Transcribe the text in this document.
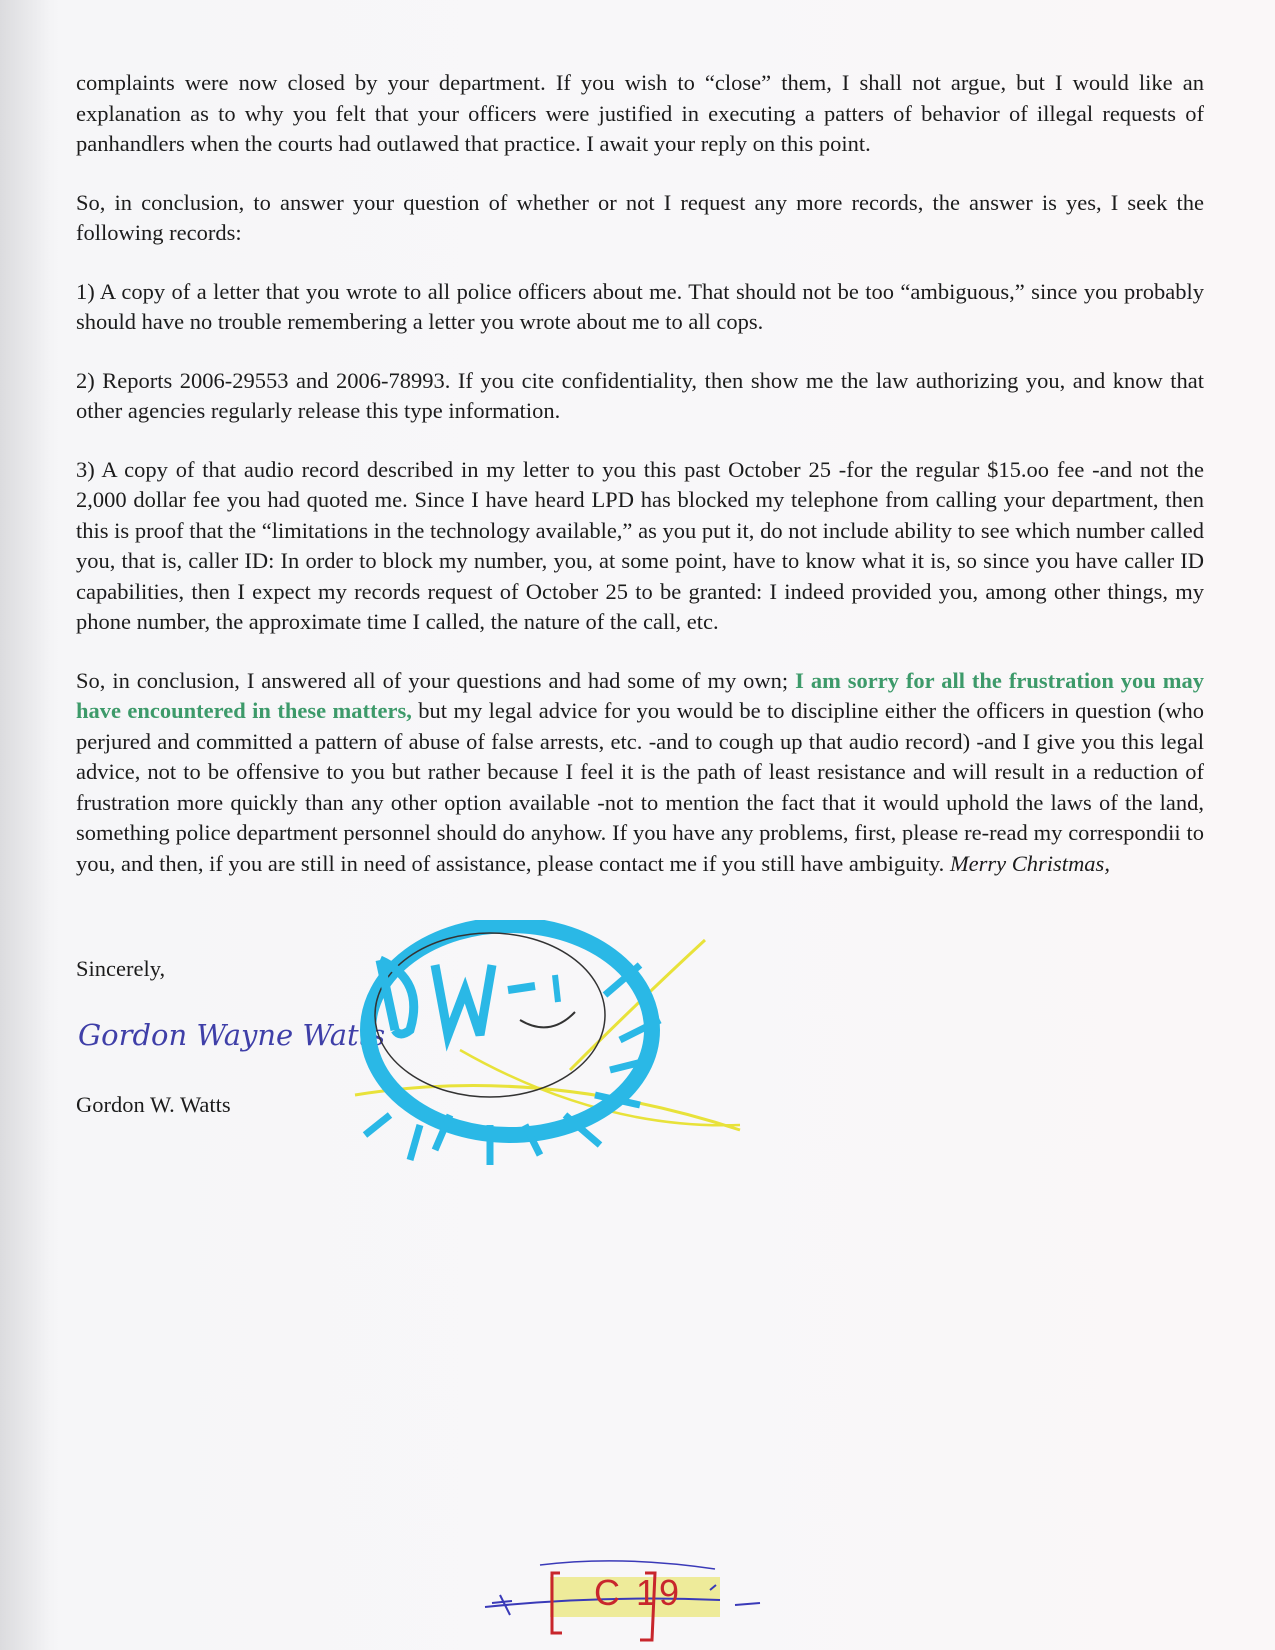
complaints were now closed by your department. If you wish to “close” them, I shall not argue, but I would like an explanation as to why you felt that your officers were justified in executing a patters of behavior of illegal requests of panhandlers when the courts had outlawed that practice. I await your reply on this point.

So, in conclusion, to answer your question of whether or not I request any more records, the answer is yes, I seek the following records:

1) A copy of a letter that you wrote to all police officers about me. That should not be too “ambiguous,” since you probably should have no trouble remembering a letter you wrote about me to all cops.

2) Reports 2006-29553 and 2006-78993. If you cite confidentiality, then show me the law authorizing you, and know that other agencies regularly release this type information.

3) A copy of that audio record described in my letter to you this past October 25 -for the regular $15.oo fee -and not the 2,000 dollar fee you had quoted me. Since I have heard LPD has blocked my telephone from calling your department, then this is proof that the “limitations in the technology available,” as you put it, do not include ability to see which number called you, that is, caller ID: In order to block my number, you, at some point, have to know what it is, so since you have caller ID capabilities, then I expect my records request of October 25 to be granted: I indeed provided you, among other things, my phone number, the approximate time I called, the nature of the call, etc.

So, in conclusion, I answered all of your questions and had some of my own; I am sorry for all the frustration you may have encountered in these matters, but my legal advice for you would be to discipline either the officers in question (who perjured and committed a pattern of abuse of false arrests, etc. -and to cough up that audio record) -and I give you this legal advice, not to be offensive to you but rather because I feel it is the path of least resistance and will result in a reduction of frustration more quickly than any other option available -not to mention the fact that it would uphold the laws of the land, something police department personnel should do anyhow. If you have any problems, first, please re-read my correspondii to you, and then, if you are still in need of assistance, please contact me if you still have ambiguity. Merry Christmas,

Sincerely,
Gordon Wayne Watts
Gordon W. Watts
C 19
